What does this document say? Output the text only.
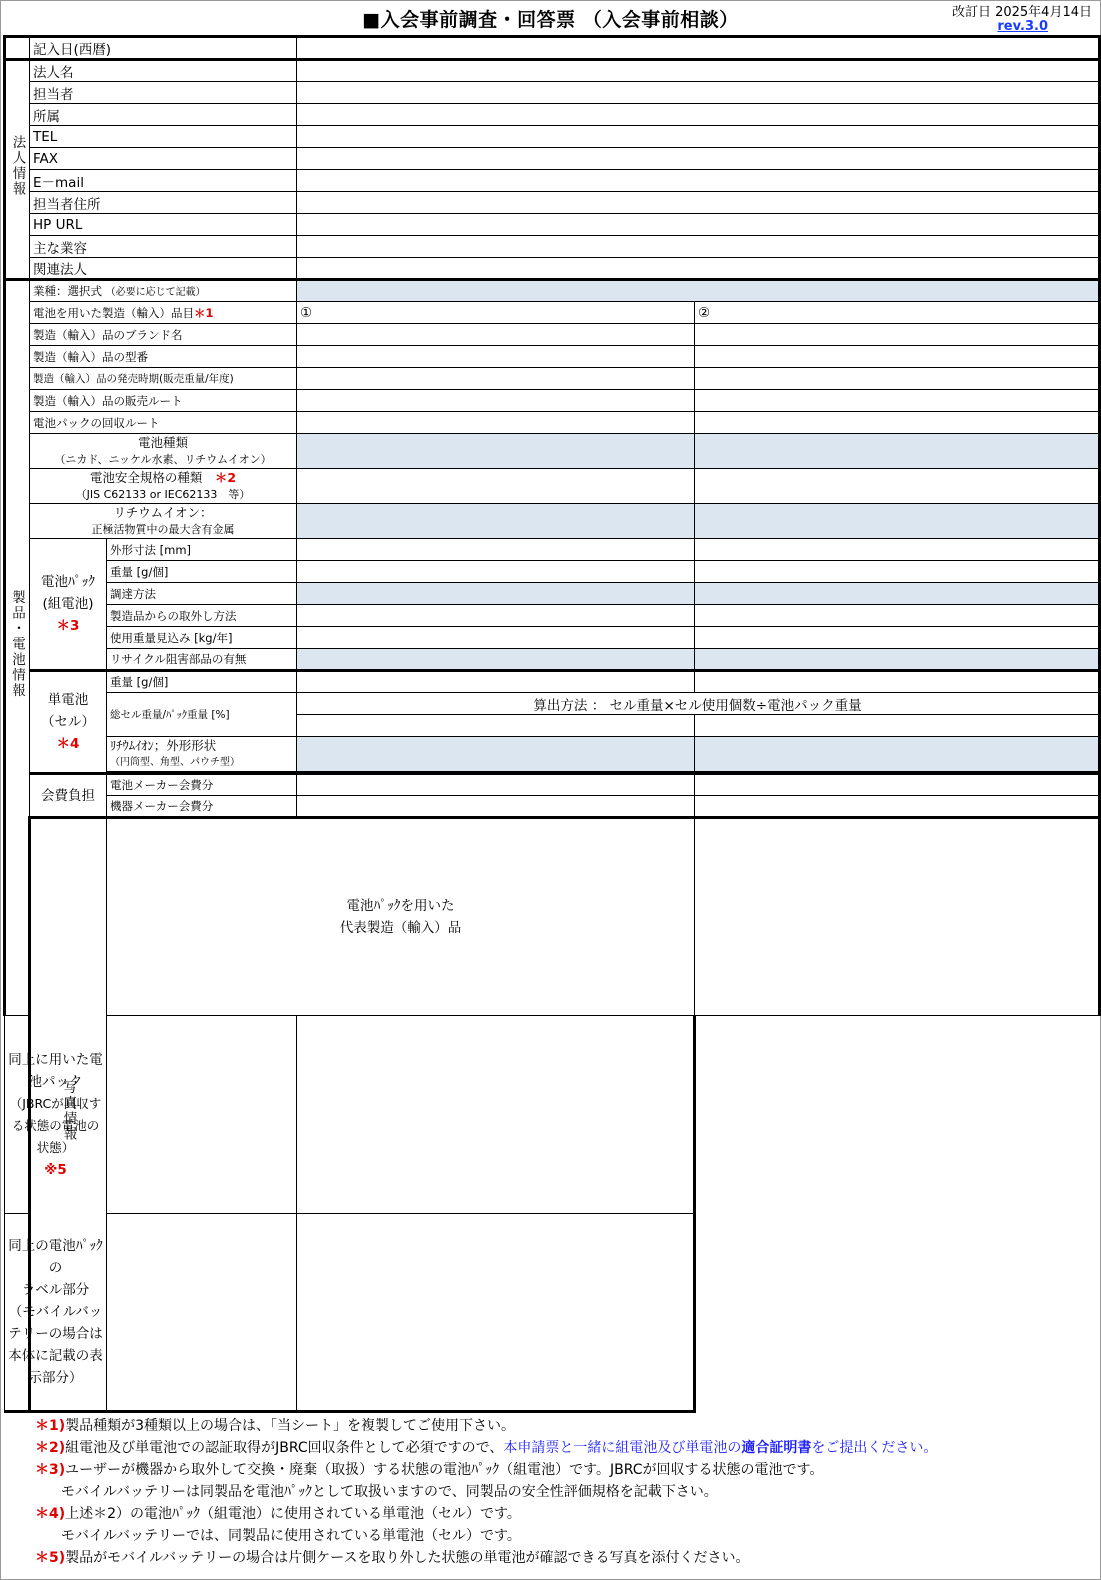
■入会事前調査・回答票 （入会事前相談）	改訂日 2025年4月14日
rev.3.0
	記入日(西暦)				
法人情報	法人名				
	担当者				
	所属				
	TEL				
	FAX				
	E－mail				
	担当者住所				
	HP URL				
	主な業容				
	関連法人				
製品・電池情報	業種：選択式 （必要に応じて記載）				
	電池を用いた製造（輸入）品目＊1		①	②	
	製造（輸入）品のブランド名				
	製造（輸入）品の型番				
	製造（輸入）品の発売時期(販売重量/年度)				
	製造（輸入）品の販売ルート				
	電池パックの回収ルート				
	電池種類
（ニカド、ニッケル水素、リチウムイオン）				

	電池安全規格の種類　 ＊2
（JIS C62133 or IEC62133　等）				

	リチウムイオン：
正極活物質中の最大含有金属				

	電池ﾊﾟｯｸ
(組電池)
＊3	外形寸法 [mm]			
		重量 [g/個]			
		調達方法			
		製造品からの取外し方法			
		使用重量見込み [kg/年]			
		リサイクル阻害部品の有無			
	単電池
（セル）
＊4	重量 [g/個]			
		総セル重量/ﾊﾟｯｸ重量 [%]	算出方法 ： セル重量×セル使用個数÷電池パック重量		

		ﾘﾁｳﾑｲｵﾝ；外形形状
（円筒型、角型、パウチ型）			

	会費負担	電池メーカー会費分			
		機器メーカー会費分			
	写真情報	電池ﾊﾟｯｸを用いた
代表製造（輸入）品			
同上に用いた電池パック
（JBRCが回収する状態の電池の状態）
※5					
同上の電池ﾊﾟｯｸの
ラベル部分
（モバイルバッテリーの場合は
本体に記載の表示部分）					
＊1)製品種類が3種類以上の場合は、「当シート」を複製してご使用下さい。
＊2)組電池及び単電池での認証取得がJBRC回収条件として必須ですので、本申請票と一緒に組電池及び単電池の適合証明書をご提出ください。
＊3)ユーザーが機器から取外して交換・廃棄（取扱）する状態の電池ﾊﾟｯｸ（組電池）です。JBRCが回収する状態の電池です。
モバイルバッテリーは同製品を電池ﾊﾟｯｸとして取扱いますので、同製品の安全性評価規格を記載下さい。
＊4)上述＊2）の電池ﾊﾟｯｸ（組電池）に使用されている単電池（セル）です。
モバイルバッテリーでは、同製品に使用されている単電池（セル）です。
＊5)製品がモバイルバッテリーの場合は片側ケースを取り外した状態の単電池が確認できる写真を添付ください。
